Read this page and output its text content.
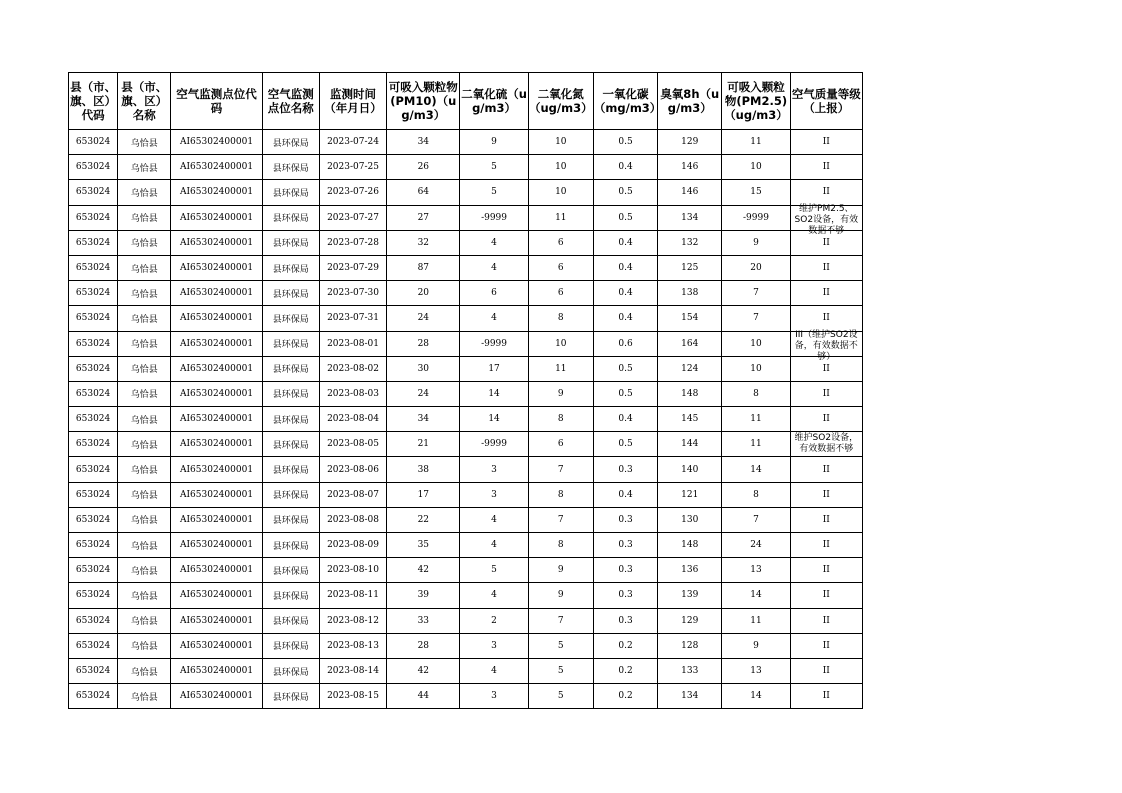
县（市、旗、区）代码	县（市、旗、区）名称	空气监测点位代码	空气监测点位名称	监测时间（年月日）	可吸入颗粒物(PM10)（ug/m3）	二氧化硫（ug/m3）	二氧化氮（ug/m3）	一氧化碳（mg/m3）	臭氧8h（ug/m3）	可吸入颗粒物(PM2.5)（ug/m3）	空气质量等级（上报）
653024	乌恰县	AI65302400001	县环保局	2023-07-24	34	9	10	0.5	129	11	II
653024	乌恰县	AI65302400001	县环保局	2023-07-25	26	5	10	0.4	146	10	II
653024	乌恰县	AI65302400001	县环保局	2023-07-26	64	5	10	0.5	146	15	II
653024	乌恰县	AI65302400001	县环保局	2023-07-27	27	-9999	11	0.5	134	-9999	维护PM2.5、SO2设备，有效数据不够

653024	乌恰县	AI65302400001	县环保局	2023-07-28	32	4	6	0.4	132	9	II
653024	乌恰县	AI65302400001	县环保局	2023-07-29	87	4	6	0.4	125	20	II
653024	乌恰县	AI65302400001	县环保局	2023-07-30	20	6	6	0.4	138	7	II
653024	乌恰县	AI65302400001	县环保局	2023-07-31	24	4	8	0.4	154	7	II
653024	乌恰县	AI65302400001	县环保局	2023-08-01	28	-9999	10	0.6	164	10	III（维护SO2设备，有效数据不够）

653024	乌恰县	AI65302400001	县环保局	2023-08-02	30	17	11	0.5	124	10	II
653024	乌恰县	AI65302400001	县环保局	2023-08-03	24	14	9	0.5	148	8	II
653024	乌恰县	AI65302400001	县环保局	2023-08-04	34	14	8	0.4	145	11	II
653024	乌恰县	AI65302400001	县环保局	2023-08-05	21	-9999	6	0.5	144	11	维护SO2设备，有效数据不够

653024	乌恰县	AI65302400001	县环保局	2023-08-06	38	3	7	0.3	140	14	II
653024	乌恰县	AI65302400001	县环保局	2023-08-07	17	3	8	0.4	121	8	II
653024	乌恰县	AI65302400001	县环保局	2023-08-08	22	4	7	0.3	130	7	II
653024	乌恰县	AI65302400001	县环保局	2023-08-09	35	4	8	0.3	148	24	II
653024	乌恰县	AI65302400001	县环保局	2023-08-10	42	5	9	0.3	136	13	II
653024	乌恰县	AI65302400001	县环保局	2023-08-11	39	4	9	0.3	139	14	II
653024	乌恰县	AI65302400001	县环保局	2023-08-12	33	2	7	0.3	129	11	II
653024	乌恰县	AI65302400001	县环保局	2023-08-13	28	3	5	0.2	128	9	II
653024	乌恰县	AI65302400001	县环保局	2023-08-14	42	4	5	0.2	133	13	II
653024	乌恰县	AI65302400001	县环保局	2023-08-15	44	3	5	0.2	134	14	II
